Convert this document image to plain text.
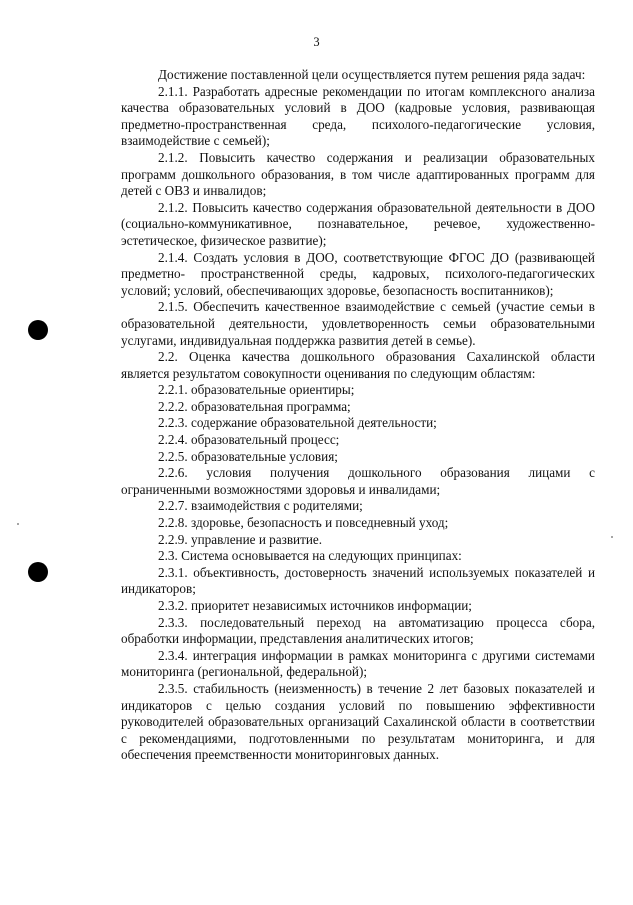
3

Достижение поставленной цели осуществляется путем решения ряда задач:

2.1.1. Разработать адресные рекомендации по итогам комплексного анализа качества образовательных условий в ДОО (кадровые условия, развивающая предметно-пространственная среда, психолого-педагогические условия, взаимодействие с семьей);

2.1.2. Повысить качество содержания и реализации образовательных программ дошкольного образования, в том числе адаптированных программ для детей с ОВЗ и инвалидов;

2.1.2. Повысить качество содержания образовательной деятельности в ДОО (социально-коммуникативное, познавательное, речевое, художественно-эстетическое, физическое развитие);

2.1.4. Создать условия в ДОО, соответствующие ФГОС ДО (развивающей предметно- пространственной среды, кадровых, психолого-педагогических условий; условий, обеспечивающих здоровье, безопасность воспитанников);

2.1.5. Обеспечить качественное взаимодействие с семьей (участие семьи в образовательной деятельности, удовлетворенность семьи образовательными услугами, индивидуальная поддержка развития детей в семье).

2.2. Оценка качества дошкольного образования Сахалинской области является результатом совокупности оценивания по следующим областям:

2.2.1. образовательные ориентиры;

2.2.2. образовательная программа;

2.2.3. содержание образовательной деятельности;

2.2.4. образовательный процесс;

2.2.5. образовательные условия;

2.2.6. условия получения дошкольного образования лицами с ограниченными возможностями здоровья и инвалидами;

2.2.7. взаимодействия с родителями;

2.2.8. здоровье, безопасность и повседневный уход;

2.2.9. управление и развитие.

2.3. Система основывается на следующих принципах:

2.3.1. объективность, достоверность значений используемых показателей и индикаторов;

2.3.2. приоритет независимых источников информации;

2.3.3. последовательный переход на автоматизацию процесса сбора, обработки информации, представления аналитических итогов;

2.3.4. интеграция информации в рамках мониторинга с другими системами мониторинга (региональной, федеральной);

2.3.5. стабильность (неизменность) в течение 2 лет базовых показателей и индикаторов с целью создания условий по повышению эффективности руководителей образовательных организаций Сахалинской области в соответствии с рекомендациями, подготовленными по результатам мониторинга, и для обеспечения преемственности мониторинговых данных.
